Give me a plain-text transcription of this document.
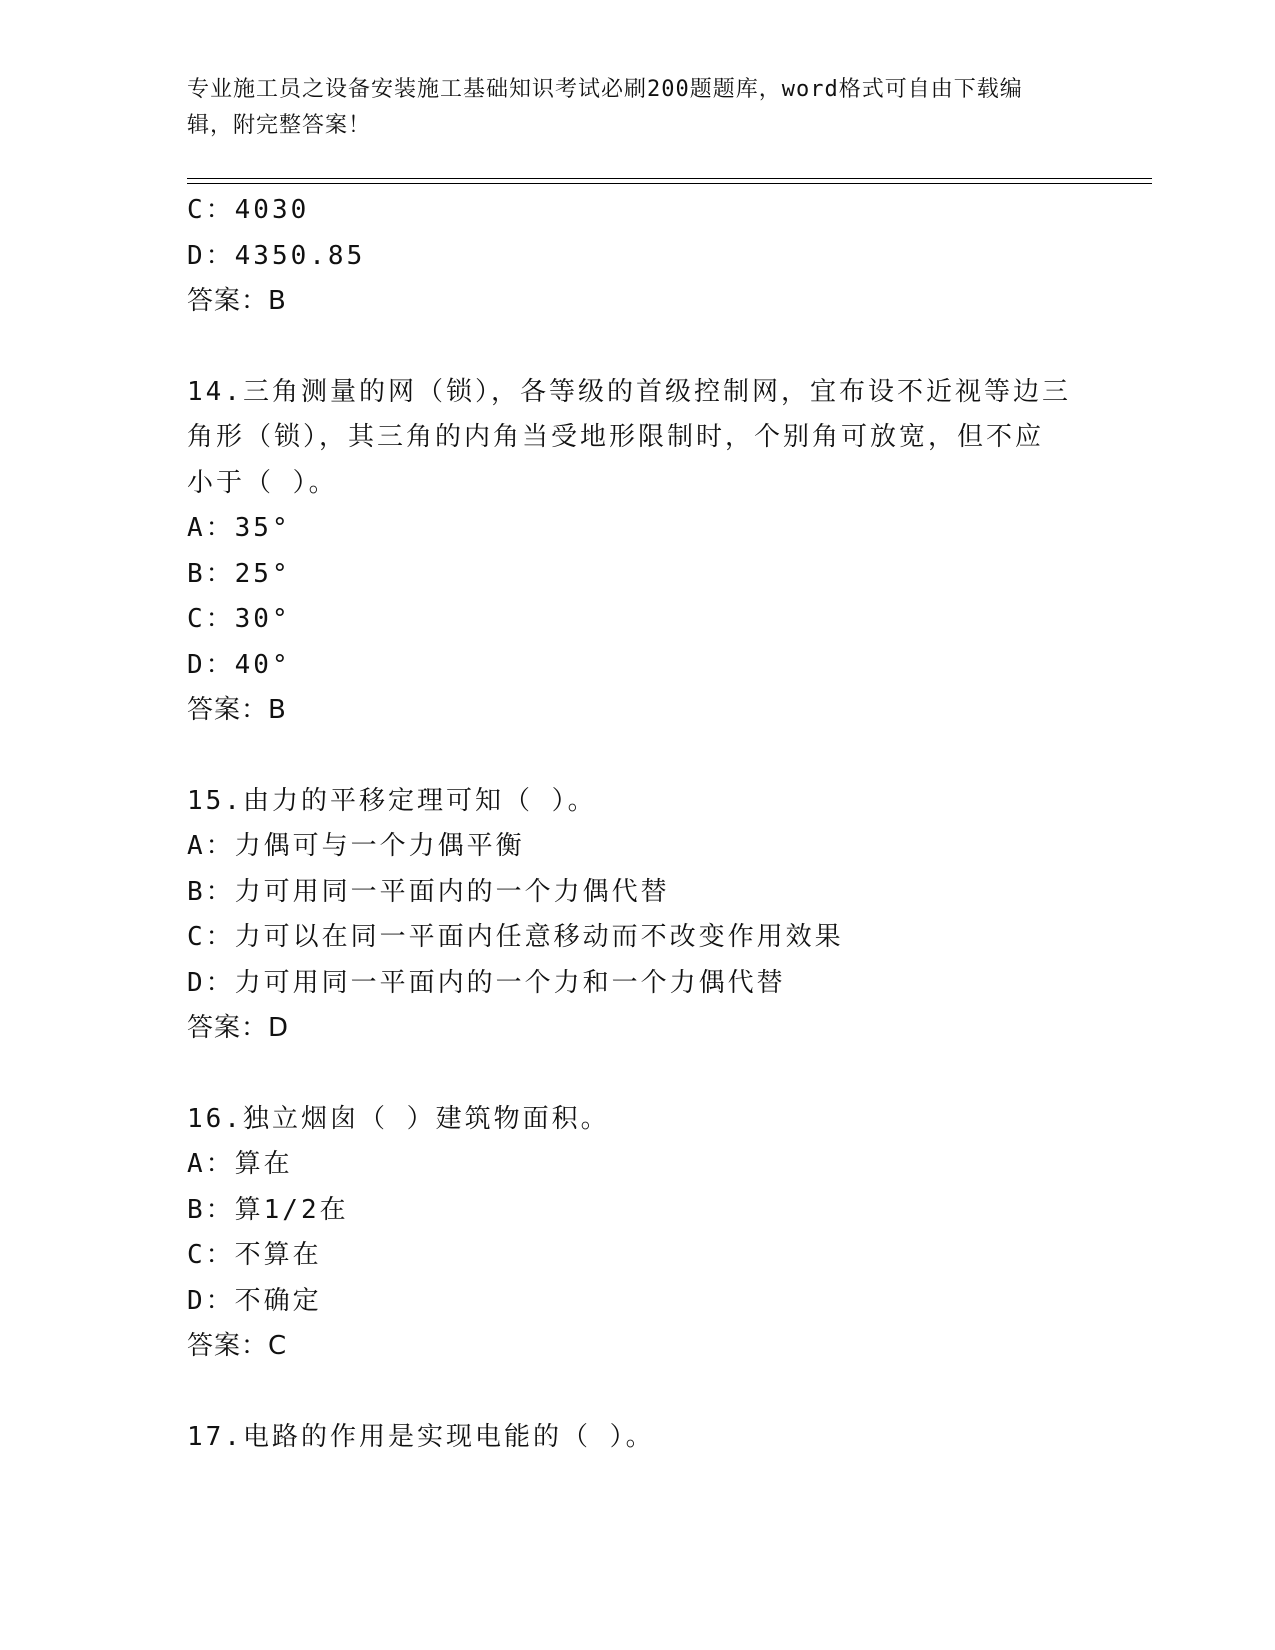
专业施工员之设备安装施工基础知识考试必刷200题题库，word格式可自由下载编辑，附完整答案！
C：4030
D：4350.85
答案：B
14.三角测量的网（锁），各等级的首级控制网，宜布设不近视等边三
角形（锁），其三角的内角当受地形限制时，个别角可放宽，但不应
小于（ ）。
A：35°
B：25°
C：30°
D：40°
答案：B
15.由力的平移定理可知（ ）。
A：力偶可与一个力偶平衡
B：力可用同一平面内的一个力偶代替
C：力可以在同一平面内任意移动而不改变作用效果
D：力可用同一平面内的一个力和一个力偶代替
答案：D
16.独立烟囱（ ）建筑物面积。
A：算在
B：算1/2在
C：不算在
D：不确定
答案：C
17.电路的作用是实现电能的（ ）。
